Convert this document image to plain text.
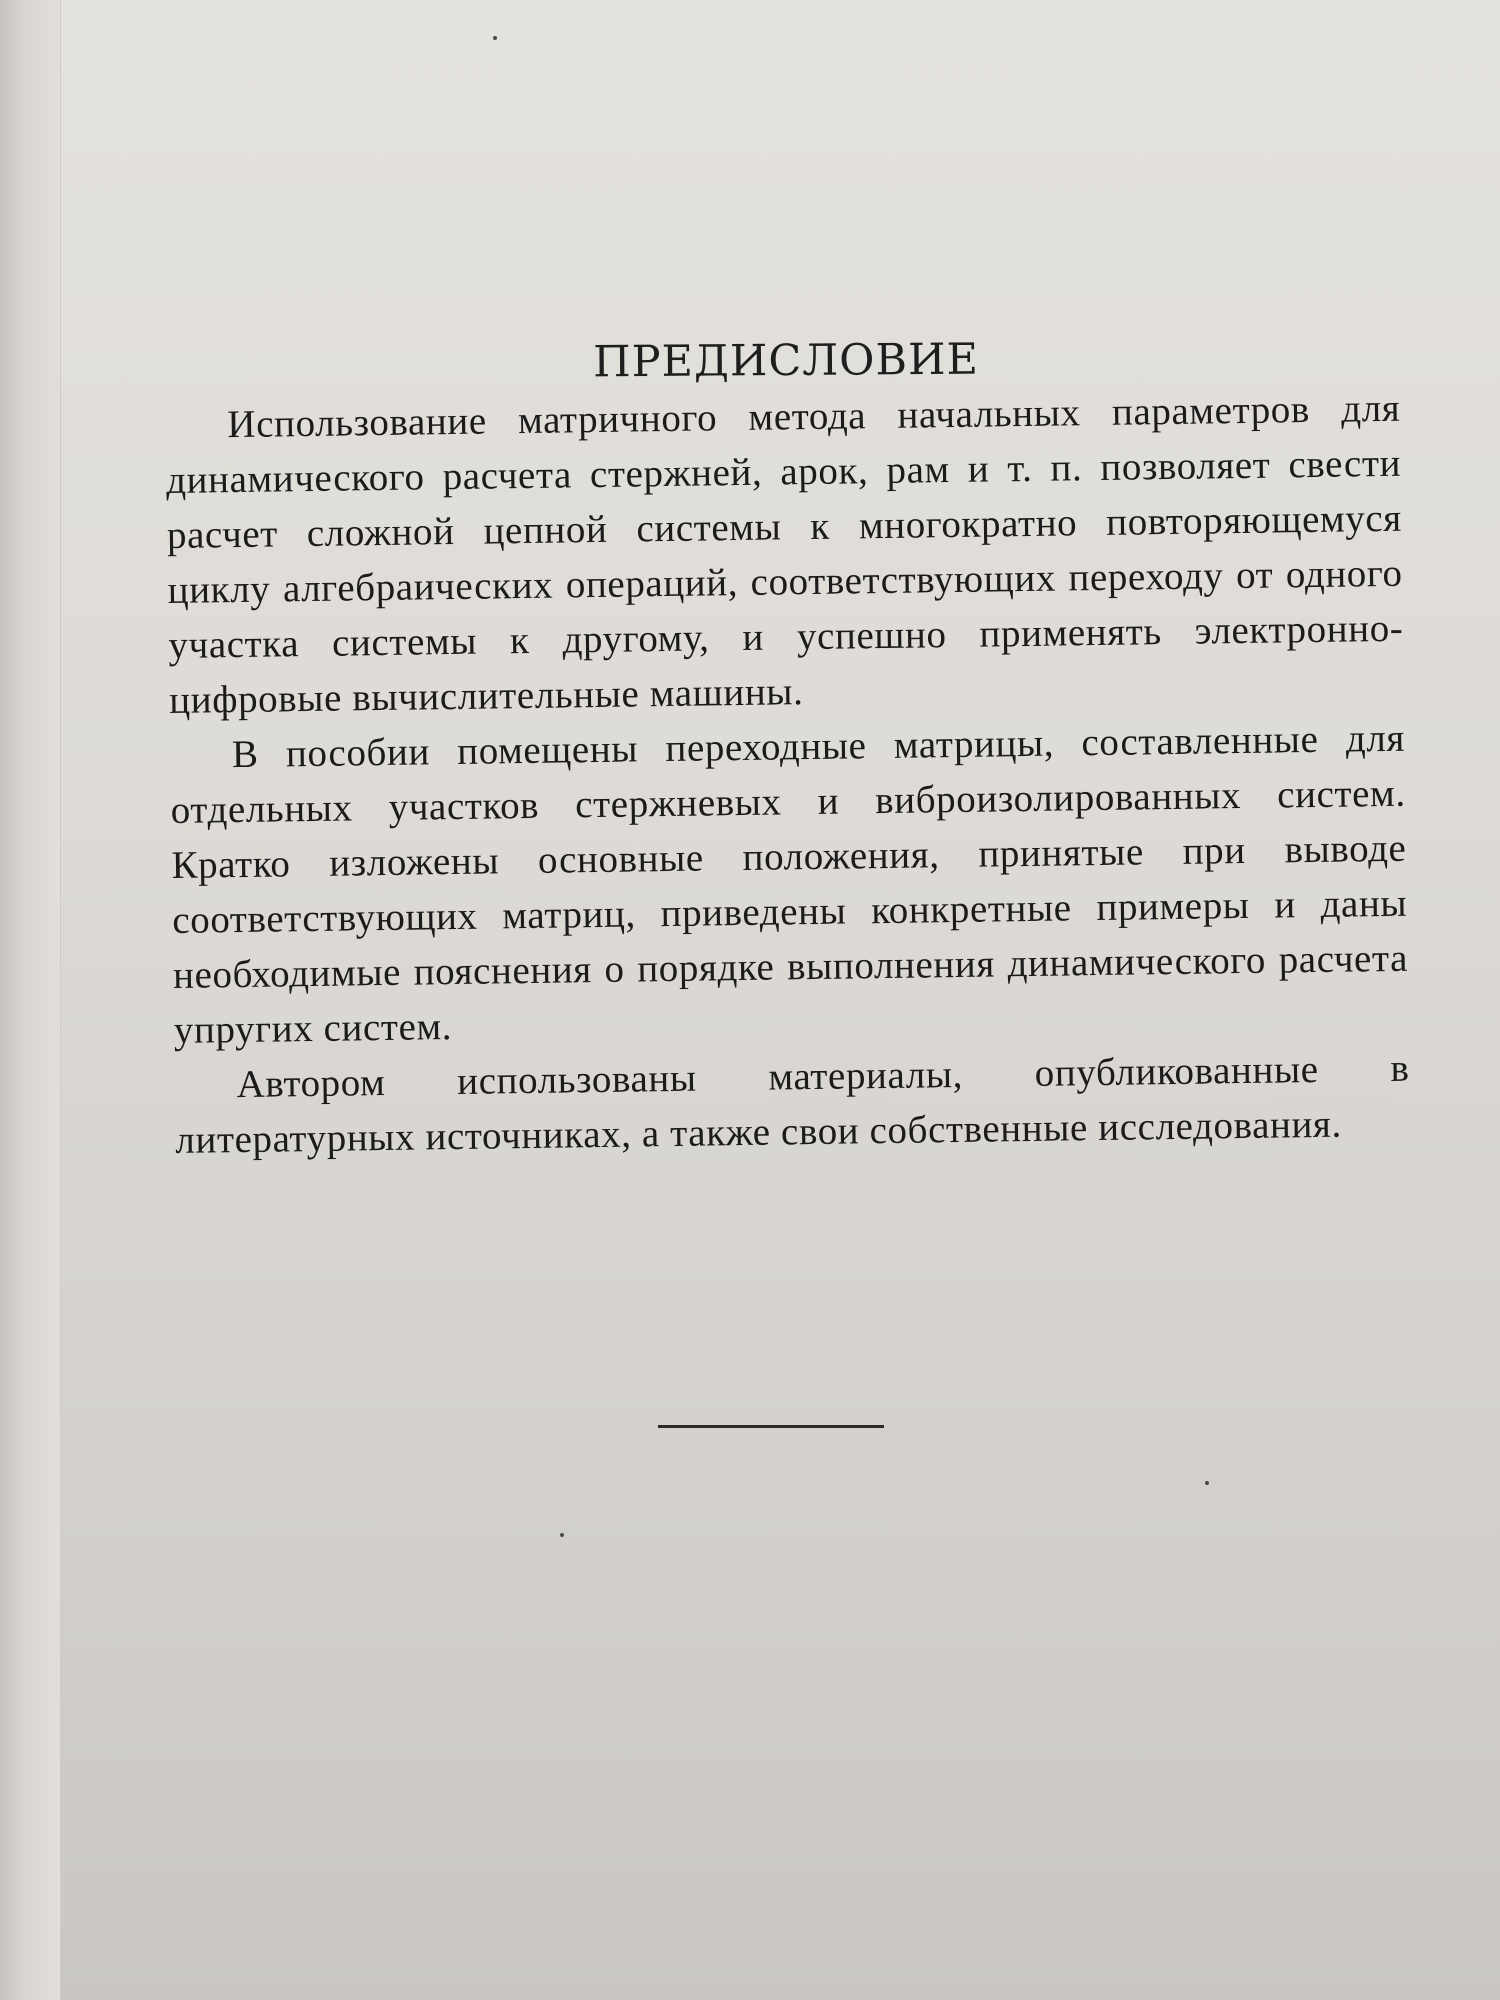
ПРЕДИСЛОВИЕ

Использование матричного метода начальных параметров для динамического расчета стержней, арок, рам и т. п. позволяет свести расчет сложной цепной системы к многократно повторяющемуся циклу алгебраических операций, соответствующих переходу от одного участка системы к другому, и успешно применять электронно-цифровые вычислительные машины.

В пособии помещены переходные матрицы, составленные для отдельных участков стержневых и виброизолированных систем. Кратко изложены основные положения, принятые при выводе соответствующих матриц, приведены конкретные примеры и даны необходимые пояснения о порядке выполнения динамического расчета упругих систем.

Автором использованы материалы, опубликованные в литературных источниках, а также свои собственные исследования.
